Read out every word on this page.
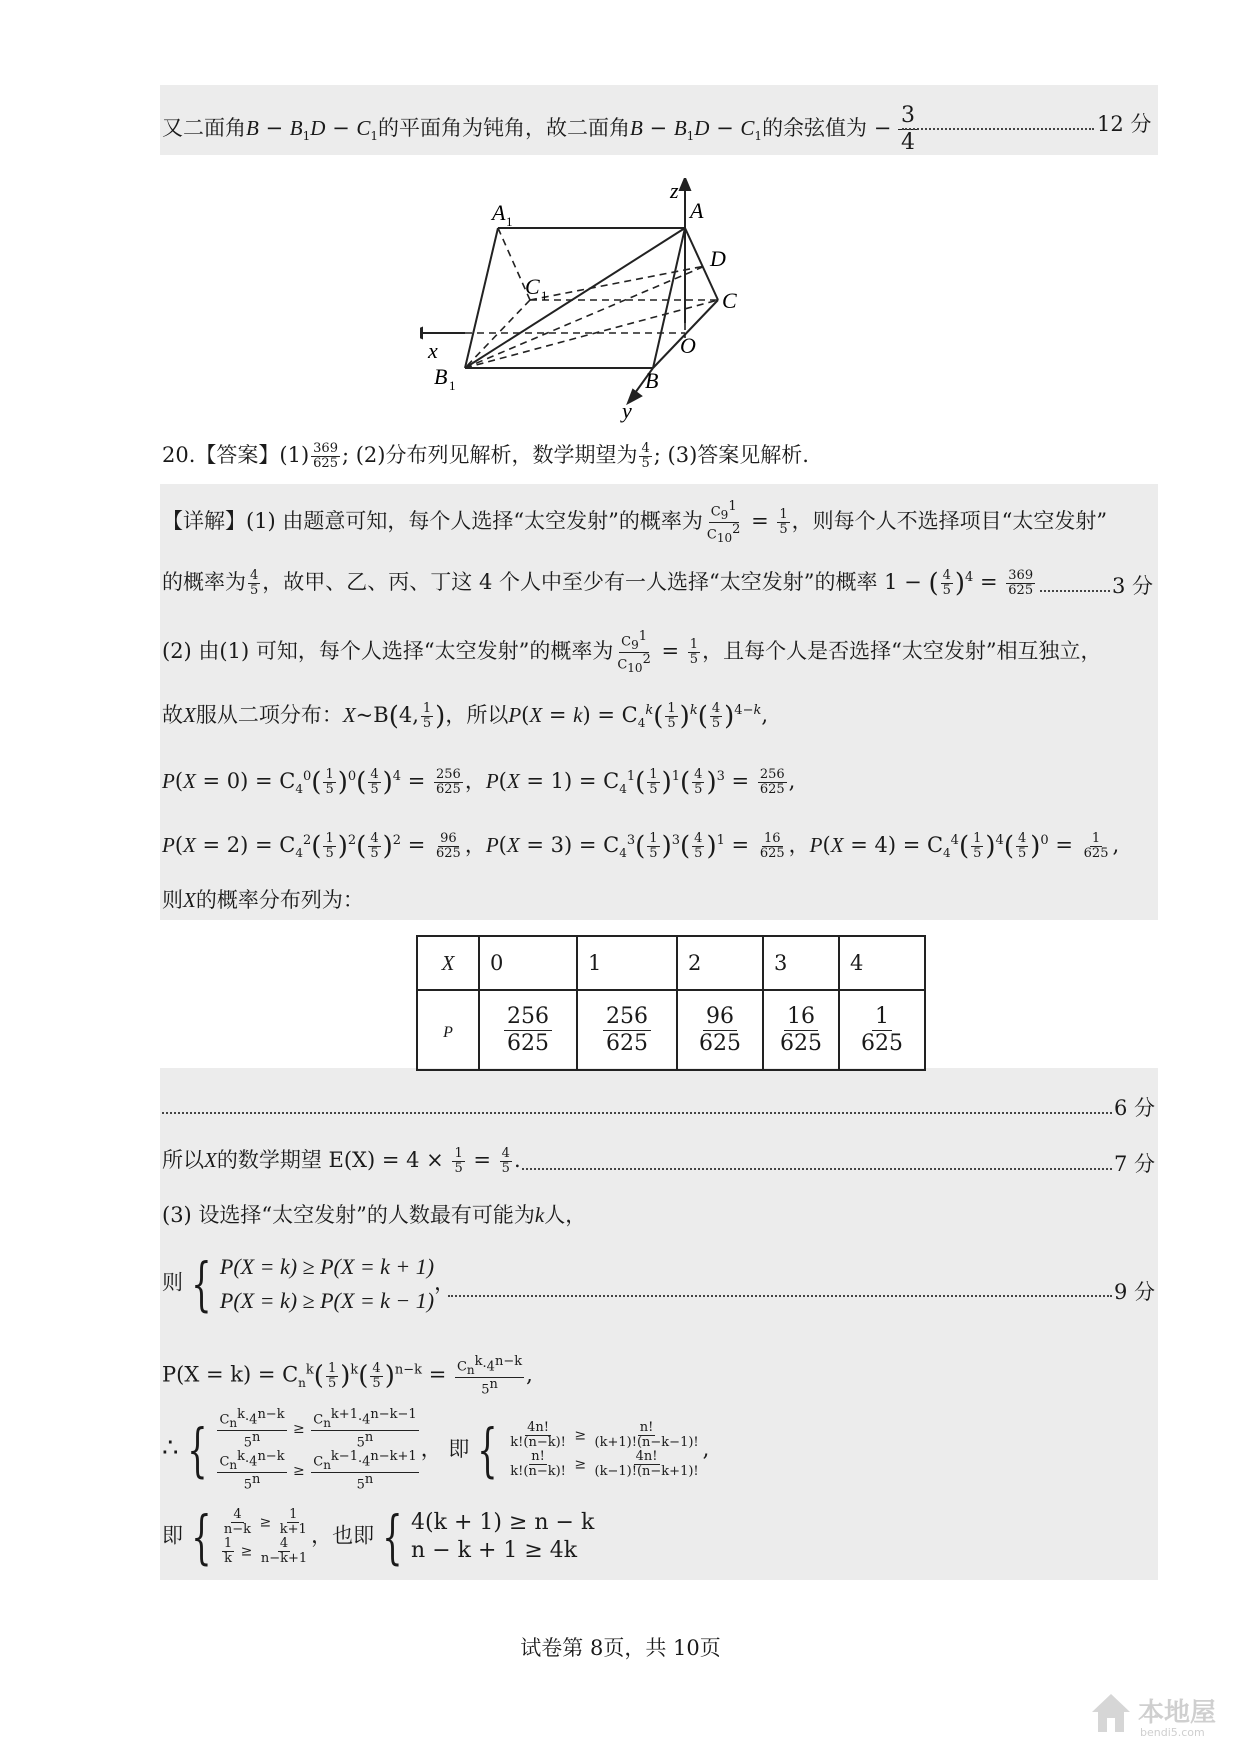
又二面角$B - B_1D - C_1$的平面角为钝角，故二面角$B - B_1D - C_1$的余弦值为 − $\frac{3}{4}$	12 分
A 1	A
z
D
C 1	C
x	O
B 1	B
y
20.【答案】$(1) \frac{369}{625}$ ; (2)分布列见解析，数学期望为 $\frac{4}{5}$ ; (3)答案见解析.
【详解】(1) 由题意可知，每个人选择“太空发射”的概率为 $\frac{C_9^1}{C_{10}^2} = \frac{1}{5}$ ，则每个人不选择项目“太空发射”
的概率为 $\frac{4}{5}$ ，故甲、乙、丙、丁这 4 个人中至少有一人选择“太空发射”的概率 1 − ( $\frac{4}{5} )^4 = \frac{369}{625}$	3 分
(2) 由(1) 可知，每个人选择“太空发射”的概率为 $\frac{C_9^1}{C_{10}^2} = \frac{1}{5}$ ，且每个人是否选择“太空发射”相互独立，
故X服从二项分布：X~B(4, $\frac{1}{5}$ )，所以$P(X = k) = C_4^k( \frac{1}{5} )^k( \frac{4}{5} )^{4-k}$,
$P(X = 0) = C_4^0( \frac{1}{5} )^0( \frac{4}{5} )^4 = \frac{256}{625}$ ，$P(X = 1) = C_4^1( \frac{1}{5} )^1( \frac{4}{5} )^3 = \frac{256}{625}$ ,
$P(X = 2) = C_4^2( \frac{1}{5} )^2( \frac{4}{5} )^2 = \frac{96}{625}$ ，$P(X = 3) = C_4^3( \frac{1}{5} )^3( \frac{4}{5} )^1 = \frac{16}{625}$ ，$P(X = 4) = C_4^4( \frac{1}{5} )^4( \frac{4}{5} )^0 = \frac{1}{625}$ ,
则X的概率分布列为：
X	0	1	2	3	4
P	$\frac{256}{625}$	$\frac{256}{625}$	$\frac{96}{625}$	$\frac{16}{625}$	$\frac{1}{625}$
6 分
所以X的数学期望 $E(X) = 4 \times \frac{1}{5} = \frac{4}{5}$ .	7 分
(3) 设选择“太空发射”的人数最有可能为k人，
则 { P(X = k) ≥ P(X = k + 1)
P(X = k) ≥ P(X = k − 1)
，	9 分
$P(X = k) = C_n^k( \frac{1}{5} )^k( \frac{4}{5} )^{n-k} = \frac{C_n^k\cdot 4^{n-k}}{5^n}$ ,
∴ { $\frac{C_n^k\cdot 4^{n-k}}{5^n} \ge \frac{C_n^{k+1}\cdot 4^{n-k-1}}{5^n}$
$\frac{C_n^k\cdot 4^{n-k}}{5^n} \ge \frac{C_n^{k-1}\cdot 4^{n-k+1}}{5^n}$
， 即 { $\frac{4n!}{k!(n-k)!} \ge \frac{n!}{(k+1)!(n-k-1)!}$
$\frac{n!}{k!(n-k)!} \ge \frac{4n!}{(k-1)!(n-k+1)!}$
,
即 { $\frac{4}{n-k} \ge \frac{1}{k+1}$
$\frac{1}{k} \ge \frac{4}{n-k+1}$
，也即 { 4(k + 1) ≥ n − k
n − k + 1 ≥ 4k
试卷第 8页，共 10页
本地屋
bendi5.com
